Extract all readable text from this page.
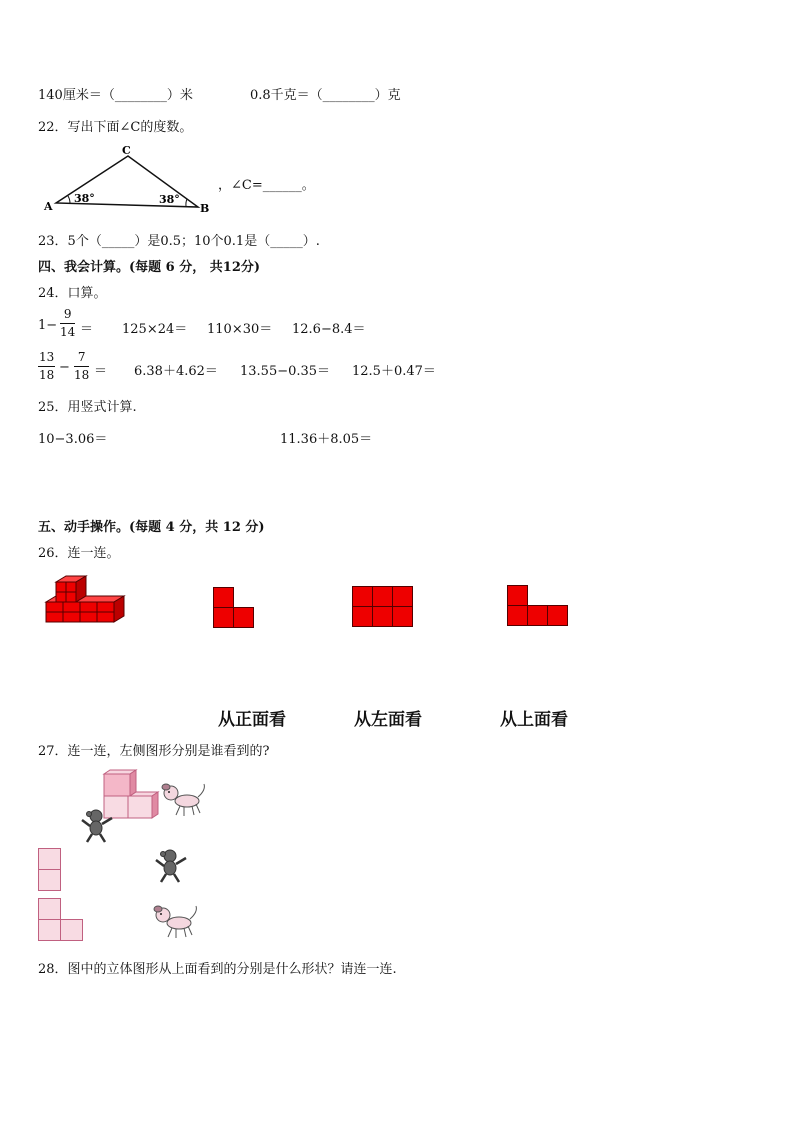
140厘米＝（________）米	0.8千克＝（________）克
22．写出下面∠C的度数。
C
A	B
38°	38°
，∠C=______。
23．5个（_____）是0.5；10个0.1是（_____）.
四、我会计算。(每题 6 分， 共12分)
24．口算。
$1- \frac{9}{14} = 125\times 24= 110\times 30= 12.6-8.4=$
$\frac{13}{18} - \frac{7}{18} = 6.38+4.62= 13.55-0.35= 12.5+0.47=$
25．用竖式计算.
10−3.06＝	11.36＋8.05＝
五、动手操作。(每题 4 分，共 12 分)
26．连一连。
从正面看	从左面看	从上面看
27．连一连，左侧图形分别是谁看到的?
28．图中的立体图形从上面看到的分别是什么形状？请连一连.
